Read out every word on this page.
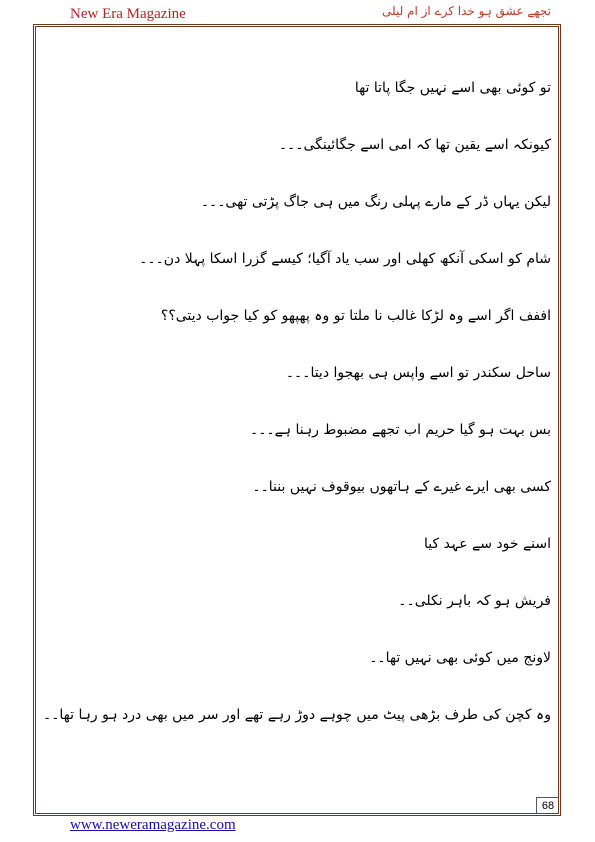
New Era Magazine	تجھے عشق ہو خدا کرے از ام لیلی
تو کوئی بھی اسے نہیں جگا پاتا تھا
کیونکہ اسے یقین تھا کہ امی اسے جگائینگی۔۔۔
لیکن یہاں ڈر کے مارے پہلی رنگ میں ہی جاگ پڑتی تھی۔۔۔
شام کو اسکی آنکھ کھلی اور سب یاد آگیا؛ کیسے گزرا اسکا پہلا دن۔۔۔
اففف اگر اسے وہ لڑکا غالب نا ملتا تو وہ پھپھو کو کیا جواب دیتی؟؟
ساحل سکندر تو اسے واپس ہی بھجوا دیتا۔۔۔
بس بہت ہو گیا حریم اب تجھے مضبوط رہنا ہے۔۔۔
کسی بھی ایرے غیرے کے ہاتھوں بیوقوف نہیں بننا۔۔
اسنے خود سے عہد کیا
فریش ہو کہ باہر نکلی۔۔
لاونج میں کوئی بھی نہیں تھا۔۔
وہ کچن کی طرف بڑھی پیٹ میں چوہے دوڑ رہے تھے اور سر میں بھی درد ہو رہا تھا۔۔
68
www.neweramagazine.com
